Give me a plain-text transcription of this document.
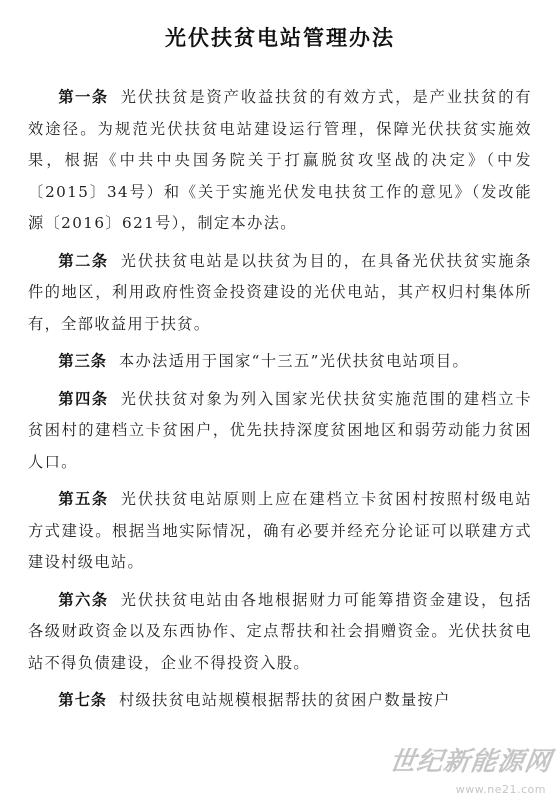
光伏扶贫电站管理办法

第一条 光伏扶贫是资产收益扶贫的有效方式，是产业扶贫的有效途径。为规范光伏扶贫电站建设运行管理，保障光伏扶贫实施效果，根据《中共中央国务院关于打赢脱贫攻坚战的决定》（中发〔2015〕34号）和《关于实施光伏发电扶贫工作的意见》（发改能源〔2016〕621号），制定本办法。

第二条 光伏扶贫电站是以扶贫为目的，在具备光伏扶贫实施条件的地区，利用政府性资金投资建设的光伏电站，其产权归村集体所有，全部收益用于扶贫。

第三条 本办法适用于国家“十三五”光伏扶贫电站项目。

第四条 光伏扶贫对象为列入国家光伏扶贫实施范围的建档立卡贫困村的建档立卡贫困户，优先扶持深度贫困地区和弱劳动能力贫困人口。

第五条 光伏扶贫电站原则上应在建档立卡贫困村按照村级电站方式建设。根据当地实际情况，确有必要并经充分论证可以联建方式建设村级电站。

第六条 光伏扶贫电站由各地根据财力可能筹措资金建设，包括各级财政资金以及东西协作、定点帮扶和社会捐赠资金。光伏扶贫电站不得负债建设，企业不得投资入股。

第七条 村级扶贫电站规模根据帮扶的贫困户数量按户

世纪新能源网
www.ne21.com
